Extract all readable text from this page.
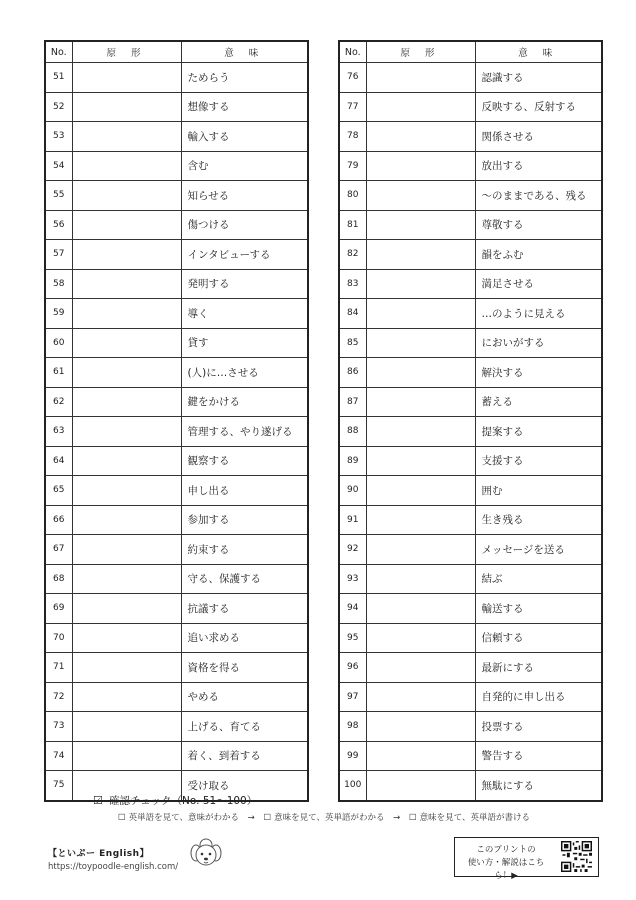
No.	原 形	意 味
51		ためらう
52		想像する
53		輸入する
54		含む
55		知らせる
56		傷つける
57		インタビューする
58		発明する
59		導く
60		貸す
61		(人)に…させる
62		鍵をかける
63		管理する、やり遂げる
64		観察する
65		申し出る
66		参加する
67		約束する
68		守る、保護する
69		抗議する
70		追い求める
71		資格を得る
72		やめる
73		上げる、育てる
74		着く、到着する
75		受け取る
No.	原 形	意 味
76		認識する
77		反映する、反射する
78		関係させる
79		放出する
80		～のままである、残る
81		尊敬する
82		韻をふむ
83		満足させる
84		…のように見える
85		においがする
86		解決する
87		蓄える
88		提案する
89		支援する
90		囲む
91		生き残る
92		メッセージを送る
93		結ぶ
94		輸送する
95		信頼する
96		最新にする
97		自発的に申し出る
98		投票する
99		警告する
100		無駄にする
☑ 確認チェック（No. 51～100）
☐ 英単語を見て、意味がわかる → ☐ 意味を見て、英単語がわかる → ☐ 意味を見て、英単語が書ける
【といぷー English】
https://toypoodle-english.com/
このプリントの
使い方・解説はこちら！▶
